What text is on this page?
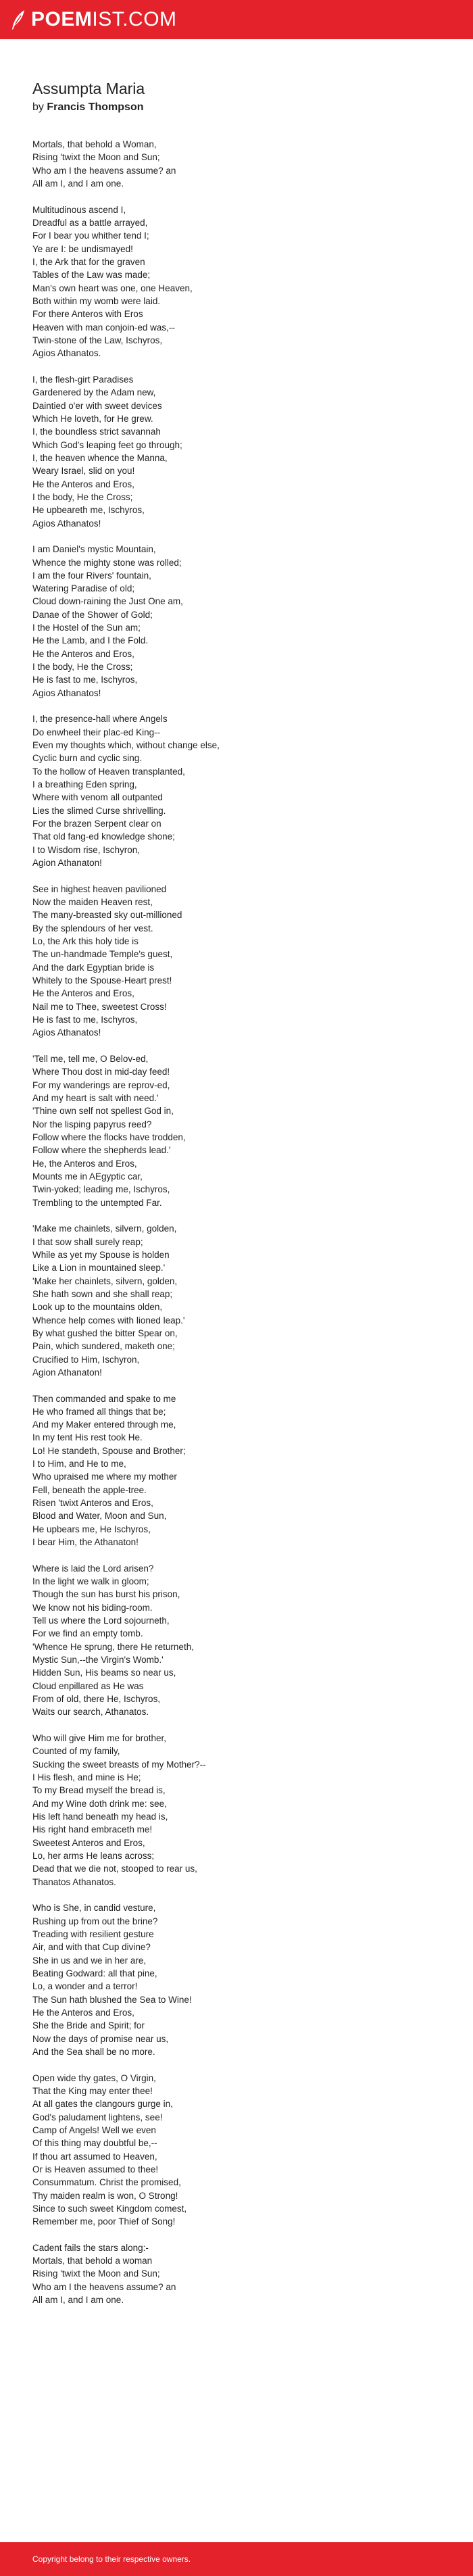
POEM IST.COM
Assumpta Maria
by Francis Thompson

Mortals, that behold a Woman,
Rising 'twixt the Moon and Sun;
Who am I the heavens assume? an
All am I, and I am one.

Multitudinous ascend I,
Dreadful as a battle arrayed,
For I bear you whither tend I;
Ye are I: be undismayed!
I, the Ark that for the graven
Tables of the Law was made;
Man's own heart was one, one Heaven,
Both within my womb were laid.
For there Anteros with Eros
Heaven with man conjoin-ed was,--
Twin-stone of the Law, Ischyros,
Agios Athanatos.

I, the flesh-girt Paradises
Gardenered by the Adam new,
Daintied o'er with sweet devices
Which He loveth, for He grew.
I, the boundless strict savannah
Which God's leaping feet go through;
I, the heaven whence the Manna,
Weary Israel, slid on you!
He the Anteros and Eros,
I the body, He the Cross;
He upbeareth me, Ischyros,
Agios Athanatos!

I am Daniel's mystic Mountain,
Whence the mighty stone was rolled;
I am the four Rivers' fountain,
Watering Paradise of old;
Cloud down-raining the Just One am,
Danae of the Shower of Gold;
I the Hostel of the Sun am;
He the Lamb, and I the Fold.
He the Anteros and Eros,
I the body, He the Cross;
He is fast to me, Ischyros,
Agios Athanatos!

I, the presence-hall where Angels
Do enwheel their plac-ed King--
Even my thoughts which, without change else,
Cyclic burn and cyclic sing.
To the hollow of Heaven transplanted,
I a breathing Eden spring,
Where with venom all outpanted
Lies the slimed Curse shrivelling.
For the brazen Serpent clear on
That old fang-ed knowledge shone;
I to Wisdom rise, Ischyron,
Agion Athanaton!

See in highest heaven pavilioned
Now the maiden Heaven rest,
The many-breasted sky out-millioned
By the splendours of her vest.
Lo, the Ark this holy tide is
The un-handmade Temple's guest,
And the dark Egyptian bride is
Whitely to the Spouse-Heart prest!
He the Anteros and Eros,
Nail me to Thee, sweetest Cross!
He is fast to me, Ischyros,
Agios Athanatos!

'Tell me, tell me, O Belov-ed,
Where Thou dost in mid-day feed!
For my wanderings are reprov-ed,
And my heart is salt with need.'
'Thine own self not spellest God in,
Nor the lisping papyrus reed?
Follow where the flocks have trodden,
Follow where the shepherds lead.'
He, the Anteros and Eros,
Mounts me in AEgyptic car,
Twin-yoked; leading me, Ischyros,
Trembling to the untempted Far.

'Make me chainlets, silvern, golden,
I that sow shall surely reap;
While as yet my Spouse is holden
Like a Lion in mountained sleep.'
'Make her chainlets, silvern, golden,
She hath sown and she shall reap;
Look up to the mountains olden,
Whence help comes with lioned leap.'
By what gushed the bitter Spear on,
Pain, which sundered, maketh one;
Crucified to Him, Ischyron,
Agion Athanaton!

Then commanded and spake to me
He who framed all things that be;
And my Maker entered through me,
In my tent His rest took He.
Lo! He standeth, Spouse and Brother;
I to Him, and He to me,
Who upraised me where my mother
Fell, beneath the apple-tree.
Risen 'twixt Anteros and Eros,
Blood and Water, Moon and Sun,
He upbears me, He Ischyros,
I bear Him, the Athanaton!

Where is laid the Lord arisen?
In the light we walk in gloom;
Though the sun has burst his prison,
We know not his biding-room.
Tell us where the Lord sojourneth,
For we find an empty tomb.
'Whence He sprung, there He returneth,
Mystic Sun,--the Virgin's Womb.'
Hidden Sun, His beams so near us,
Cloud enpillared as He was
From of old, there He, Ischyros,
Waits our search, Athanatos.

Who will give Him me for brother,
Counted of my family,
Sucking the sweet breasts of my Mother?--
I His flesh, and mine is He;
To my Bread myself the bread is,
And my Wine doth drink me: see,
His left hand beneath my head is,
His right hand embraceth me!
Sweetest Anteros and Eros,
Lo, her arms He leans across;
Dead that we die not, stooped to rear us,
Thanatos Athanatos.

Who is She, in candid vesture,
Rushing up from out the brine?
Treading with resilient gesture
Air, and with that Cup divine?
She in us and we in her are,
Beating Godward: all that pine,
Lo, a wonder and a terror!
The Sun hath blushed the Sea to Wine!
He the Anteros and Eros,
She the Bride and Spirit; for
Now the days of promise near us,
And the Sea shall be no more.

Open wide thy gates, O Virgin,
That the King may enter thee!
At all gates the clangours gurge in,
God's paludament lightens, see!
Camp of Angels! Well we even
Of this thing may doubtful be,--
If thou art assumed to Heaven,
Or is Heaven assumed to thee!
Consummatum. Christ the promised,
Thy maiden realm is won, O Strong!
Since to such sweet Kingdom comest,
Remember me, poor Thief of Song!

Cadent fails the stars along:-
Mortals, that behold a woman
Rising 'twixt the Moon and Sun;
Who am I the heavens assume? an
All am I, and I am one.

Copyright belong to their respective owners.
